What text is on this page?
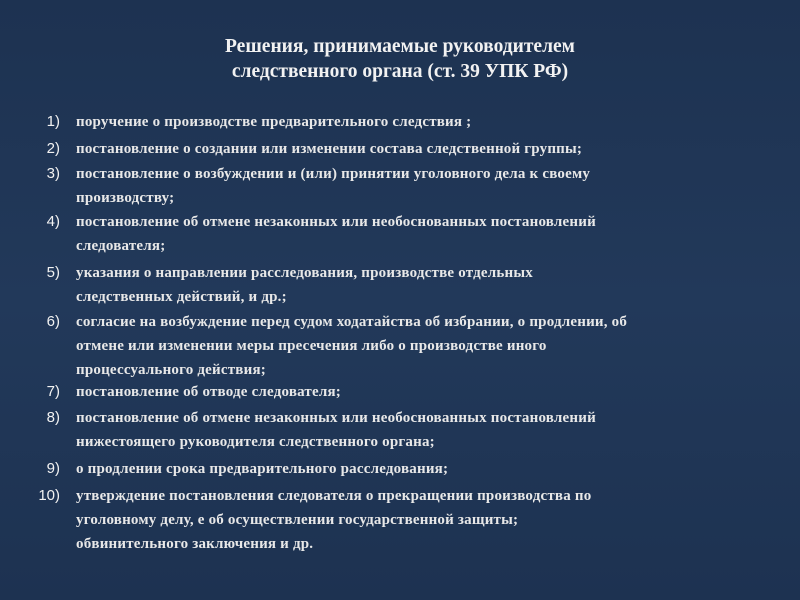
Решения, принимаемые руководителем
следственного органа (ст. 39 УПК РФ)
1) поручение о производстве предварительного следствия ;
2) постановление о создании или изменении состава следственной группы;
3) постановление о возбуждении и (или) принятии уголовного дела к своему
производству;
4) постановление об отмене незаконных или необоснованных постановлений
следователя;
5) указания о направлении расследования, производстве отдельных
следственных действий, и др.;
6) согласие на возбуждение перед судом ходатайства об избрании, о продлении, об
отмене или изменении меры пресечения либо о производстве иного
процессуального действия;
7) постановление об отводе следователя;
8) постановление об отмене незаконных или необоснованных постановлений
нижестоящего руководителя следственного органа;
9) о продлении срока предварительного расследования;
10) утверждение постановления следователя о прекращении производства по
уголовному делу, е об осуществлении государственной защиты;
обвинительного заключения и др.
